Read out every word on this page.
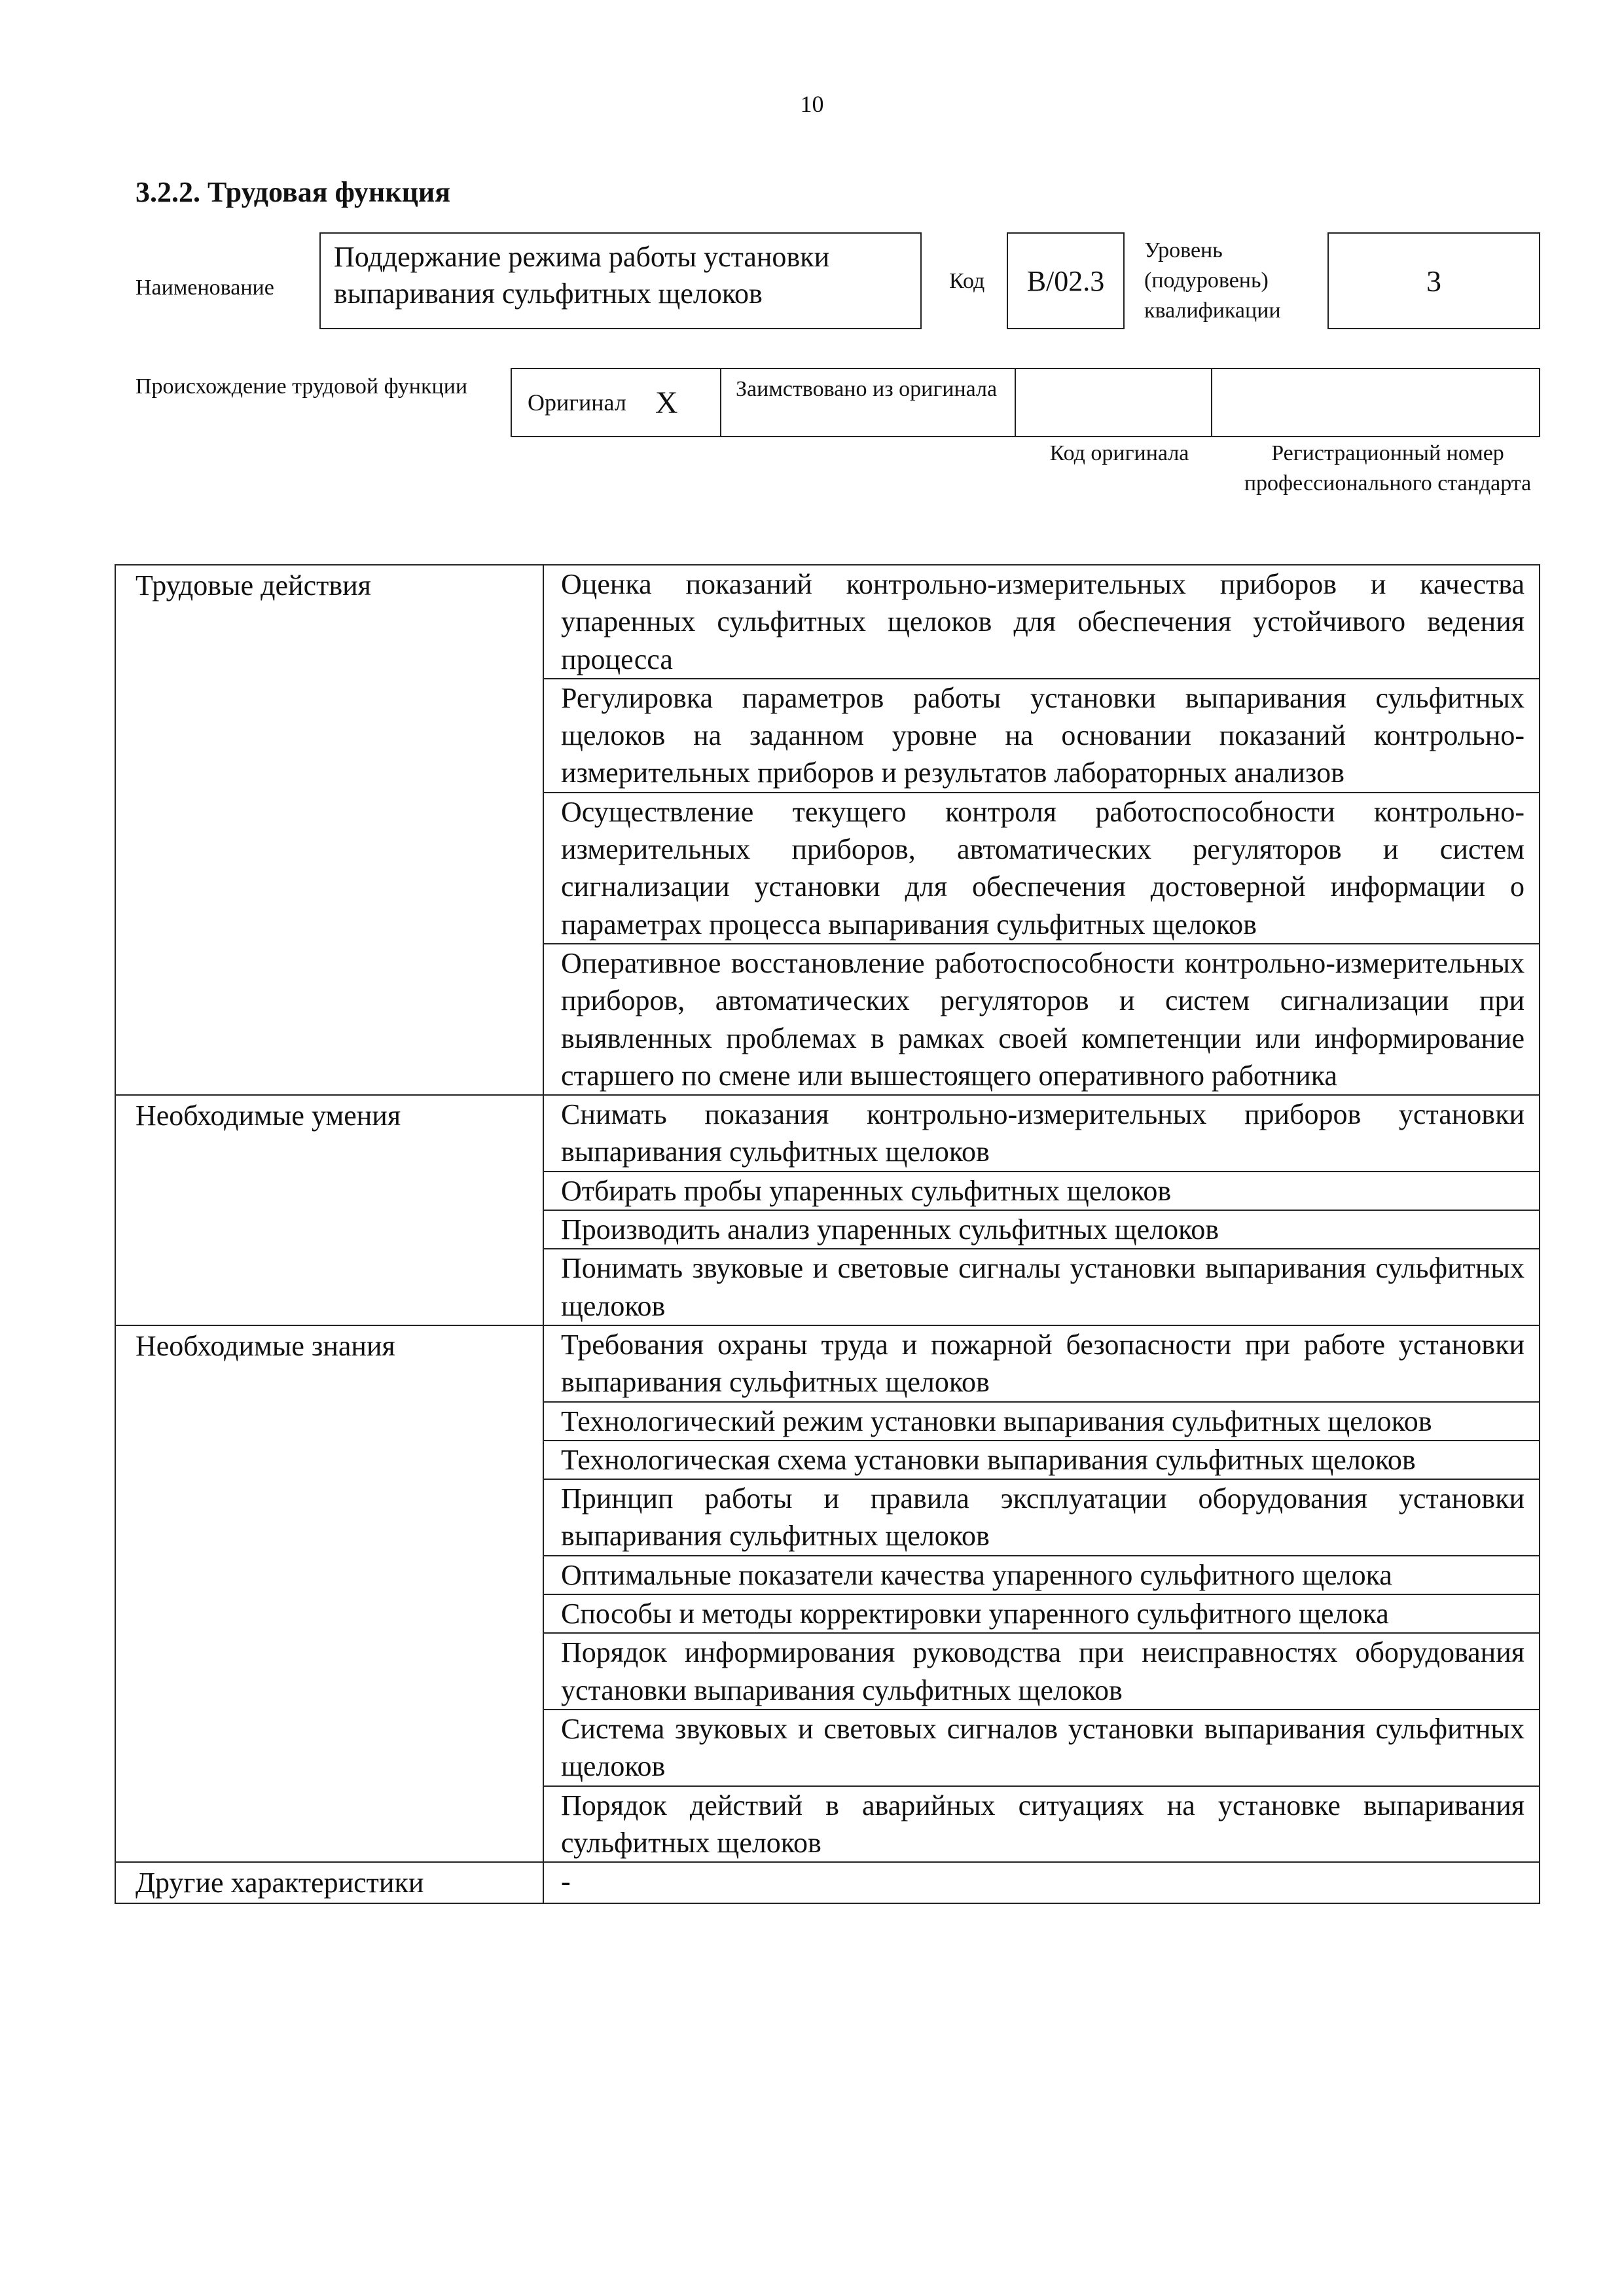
10
3.2.2. Трудовая функция
Наименование
Поддержание режима работы установки выпаривания сульфитных щелоков	Код	B/02.3
Уровень (подуровень) квалификации
3
Происхождение трудовой функции
Оригинал X	Заимствовано из оригинала
Код оригинала	Регистрационный номер профессионального стандарта
Трудовые действия	Оценка показаний контрольно-измерительных приборов и качества упаренных сульфитных щелоков для обеспечения устойчивого ведения процесса
	Регулировка параметров работы установки выпаривания сульфитных щелоков на заданном уровне на основании показаний контрольно-измерительных приборов и результатов лабораторных анализов
	Осуществление текущего контроля работоспособности контрольно-измерительных приборов, автоматических регуляторов и систем сигнализации установки для обеспечения достоверной информации о параметрах процесса выпаривания сульфитных щелоков
	Оперативное восстановление работоспособности контрольно-измерительных приборов, автоматических регуляторов и систем сигнализации при выявленных проблемах в рамках своей компетенции или информирование старшего по смене или вышестоящего оперативного работника
Необходимые умения	Снимать показания контрольно-измерительных приборов установки выпаривания сульфитных щелоков
	Отбирать пробы упаренных сульфитных щелоков
	Производить анализ упаренных сульфитных щелоков
	Понимать звуковые и световые сигналы установки выпаривания сульфитных щелоков
Необходимые знания	Требования охраны труда и пожарной безопасности при работе установки выпаривания сульфитных щелоков
	Технологический режим установки выпаривания сульфитных щелоков
	Технологическая схема установки выпаривания сульфитных щелоков
	Принцип работы и правила эксплуатации оборудования установки выпаривания сульфитных щелоков
	Оптимальные показатели качества упаренного сульфитного щелока
	Способы и методы корректировки упаренного сульфитного щелока
	Порядок информирования руководства при неисправностях оборудования установки выпаривания сульфитных щелоков
	Система звуковых и световых сигналов установки выпаривания сульфитных щелоков
	Порядок действий в аварийных ситуациях на установке выпаривания сульфитных щелоков
Другие характеристики	-
